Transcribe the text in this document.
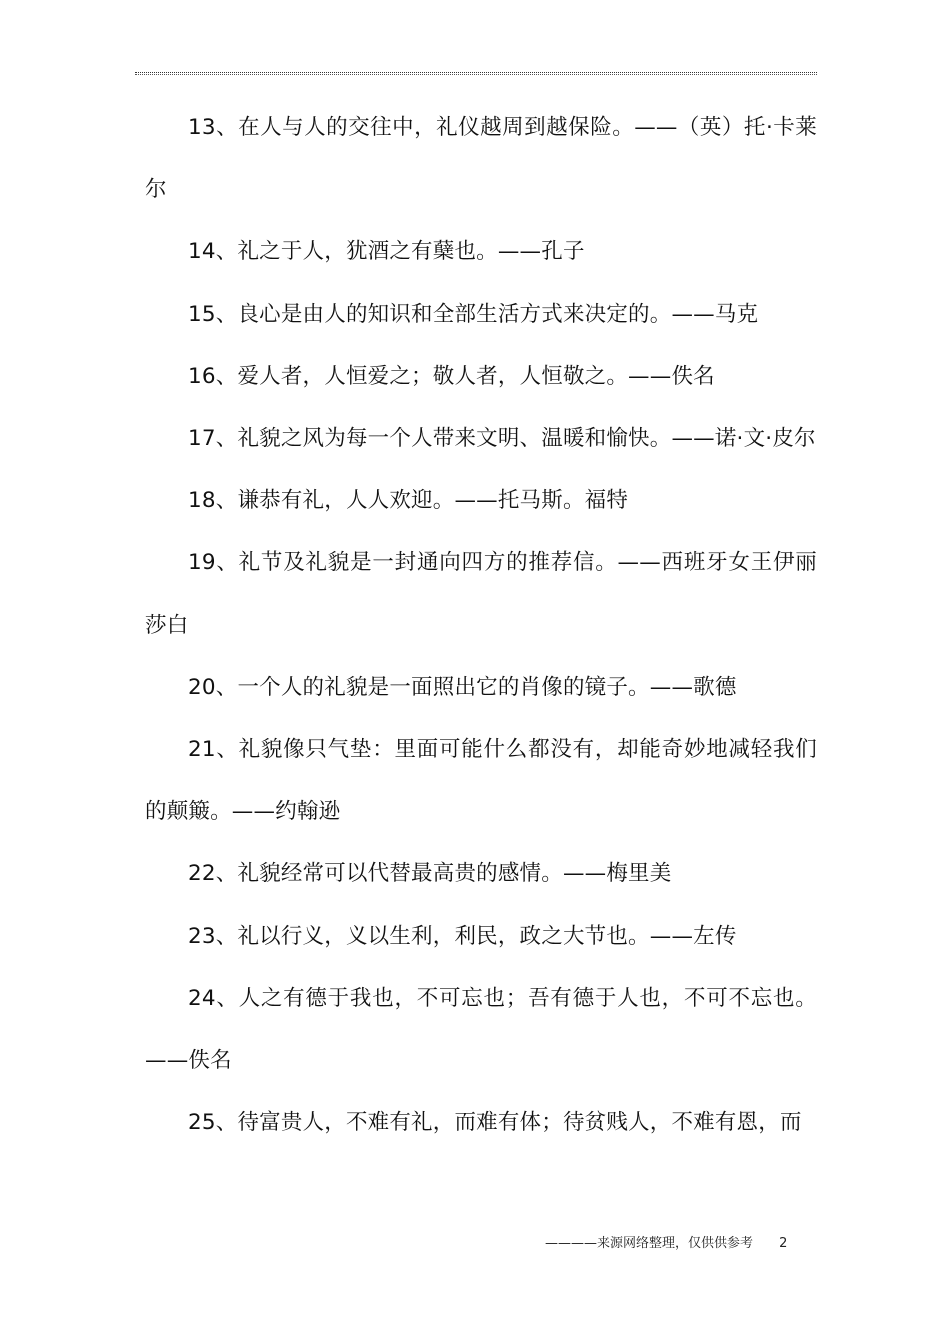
13、在人与人的交往中，礼仪越周到越保险。——（英）托·卡莱尔

14、礼之于人，犹酒之有蘖也。——孔子

15、良心是由人的知识和全部生活方式来决定的。——马克

16、爱人者，人恒爱之；敬人者，人恒敬之。——佚名

17、礼貌之风为每一个人带来文明、温暖和愉快。——诺·文·皮尔

18、谦恭有礼，人人欢迎。——托马斯。福特

19、礼节及礼貌是一封通向四方的推荐信。——西班牙女王伊丽莎白

20、一个人的礼貌是一面照出它的肖像的镜子。——歌德

21、礼貌像只气垫：里面可能什么都没有，却能奇妙地减轻我们的颠簸。——约翰逊

22、礼貌经常可以代替最高贵的感情。——梅里美

23、礼以行义，义以生利，利民，政之大节也。——左传

24、人之有德于我也，不可忘也；吾有德于人也，不可不忘也。——佚名

25、待富贵人，不难有礼，而难有体；待贫贱人，不难有恩，而

————来源网络整理，仅供供参考 2
